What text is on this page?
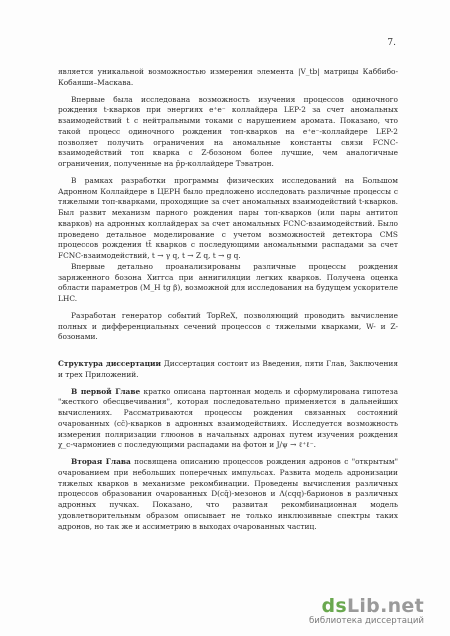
7.

является уникальной возможностью измерения элемента |V_tb| матрицы Каббибо-Кобаяши–Маскава.

Впервые была исследована возможность изучения процессов одиночного рождения t-кварков при энергиях e⁺e⁻ коллайдера LEP-2 за счет аномальных взаимодействий t с нейтральными токами с нарушением аромата. Показано, что такой процесс одиночного рождения топ-кварков на e⁺e⁻-коллайдере LEP-2 позволяет получить ограничения на аномальные константы связи FCNC-взаимодействий топ кварка с Z-бозоном более лучшие, чем аналогичные ограничения, полученные на p̄p-коллайдере Тэватрон.

В рамках разработки программы физических исследований на Большом Адронном Коллайдере в ЦЕРН было предложено исследовать различные процессы с тяжелыми топ-кварками, проходящие за счет аномальных взаимодействий t-кварков. Был развит механизм парного рождения пары топ-кварков (или пары антитоп кварков) на адронных коллайдерах за счет аномальных FCNC-взаимодействий. Было проведено детальное моделирование с учетом возможностей детектора CMS процессов рождения tt̄ кварков с последующими аномальными распадами за счет FCNC-взаимодействий, t → γ q, t → Z q, t → g q.

Впервые детально проанализированы различные процессы рождения заряженного бозона Хиггса при аннигиляции легких кварков. Получена оценка области параметров (M_H tg β), возможной для исследования на будущем ускорителе LHC.

Разработан генератор событий TopReX, позволяющий проводить вычисление полных и дифференциальных сечений процессов с тяжелыми кварками, W- и Z-бозонами.

Структура диссертации Диссертация состоит из Введения, пяти Глав, Заключения и трех Приложений.

В первой Главе кратко описана партонная модель и сформулирована гипотеза "жесткого обесцвечивания", которая последовательно применяется в дальнейших вычислениях. Рассматриваются процессы рождения связанных состояний очарованных (cc̄)-кварков в адронных взаимодействиях. Исследуется возможность измерения поляризации глюонов в начальных адронах путем изучения рождения χ_c-чармониев с последующими распадами на фотон и J/ψ → ℓ⁺ℓ⁻.

Вторая Глава посвящена описанию процессов рождения адронов с "открытым" очарованием при небольших поперечных импульсах. Развита модель адронизации тяжелых кварков в механизме рекомбинации. Проведены вычисления различных процессов образования очарованных D(cq̄)-мезонов и Λ(cqq)-барионов в различных адронных пучках. Показано, что развитая рекомбинационная модель удовлетворительным образом описывает не только инклюзивные спектры таких адронов, но так же и асcиметрию в выходах очарованных частиц.

dsLib.net
библиотека диссертаций
